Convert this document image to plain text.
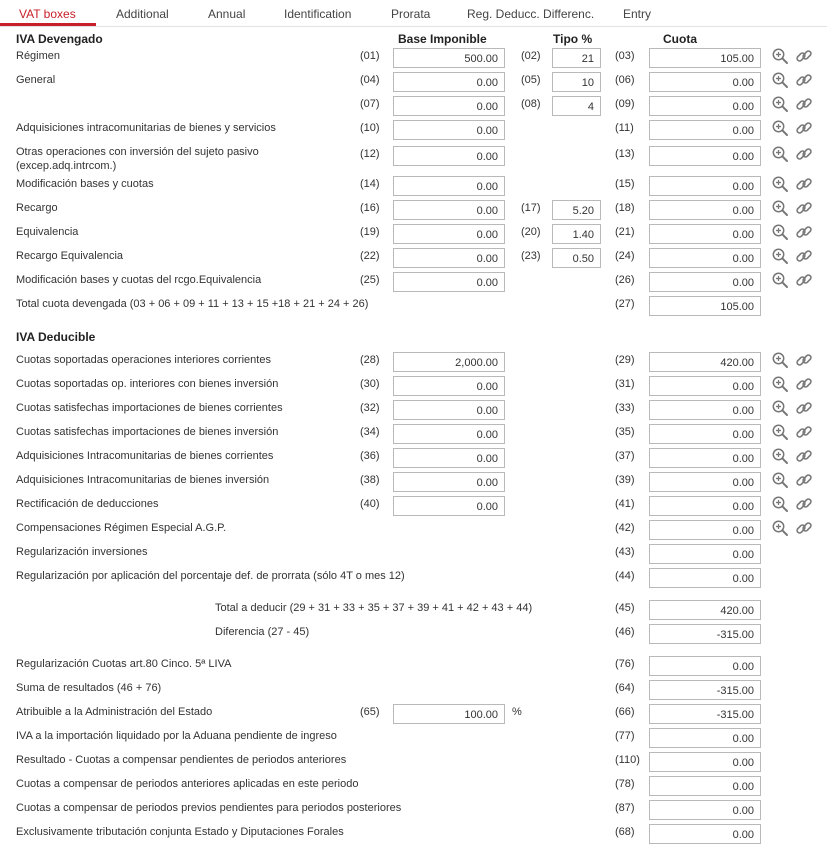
VAT boxes	Additional	Annual	Identification	Prorata	Reg. Deducc. Differenc. Entry
IVA Devengado	Base Imponible	Tipo %	Cuota
Régimen	(01)	500.00	(02)	21	(03)	105.00
General	(04)	0.00	(05)	10	(06)	0.00
(07)	0.00	(08)	4	(09)	0.00
Adquisiciones intracomunitarias de bienes y servicios	(10)	0.00	(11)	0.00
Otras operaciones con inversión del sujeto pasivo
(excep.adq.intrcom.)
(12)	0.00	(13)	0.00
Modificación bases y cuotas	(14)	0.00	(15)	0.00
Recargo	(16)	0.00	(17)	5.20	(18)	0.00
Equivalencia	(19)	0.00	(20)	1.40	(21)	0.00
Recargo Equivalencia	(22)	0.00	(23)	0.50	(24)	0.00
Modificación bases y cuotas del rcgo.Equivalencia	(25)	0.00	(26)	0.00
Total cuota devengada (03 + 06 + 09 + 11 + 13 + 15 +18 + 21 + 24 + 26)	(27)	105.00
IVA Deducible
Cuotas soportadas operaciones interiores corrientes	(28)	2,000.00	(29)	420.00
Cuotas soportadas op. interiores con bienes inversión	(30)	0.00	(31)	0.00
Cuotas satisfechas importaciones de bienes corrientes	(32)	0.00	(33)	0.00
Cuotas satisfechas importaciones de bienes inversión	(34)	0.00	(35)	0.00
Adquisiciones Intracomunitarias de bienes corrientes	(36)	0.00	(37)	0.00
Adquisiciones Intracomunitarias de bienes inversión	(38)	0.00	(39)	0.00
Rectificación de deducciones	(40)	0.00	(41)	0.00
Compensaciones Régimen Especial A.G.P.	(42)	0.00
Regularización inversiones	(43)	0.00
Regularización por aplicación del porcentaje def. de prorrata (sólo 4T o mes 12)	(44)	0.00
Total a deducir (29 + 31 + 33 + 35 + 37 + 39 + 41 + 42 + 43 + 44)	(45)	420.00
Diferencia (27 - 45)	(46)	-315.00
Regularización Cuotas art.80 Cinco. 5ª LIVA	(76)	0.00
Suma de resultados (46 + 76)	(64)	-315.00
Atribuible a la Administración del Estado	(65)	100.00	%	(66)	-315.00
IVA a la importación liquidado por la Aduana pendiente de ingreso	(77)	0.00
Resultado - Cuotas a compensar pendientes de periodos anteriores	(110)	0.00
Cuotas a compensar de periodos anteriores aplicadas en este periodo	(78)	0.00
Cuotas a compensar de periodos previos pendientes para periodos posteriores	(87)	0.00
Exclusivamente tributación conjunta Estado y Diputaciones Forales	(68)	0.00
